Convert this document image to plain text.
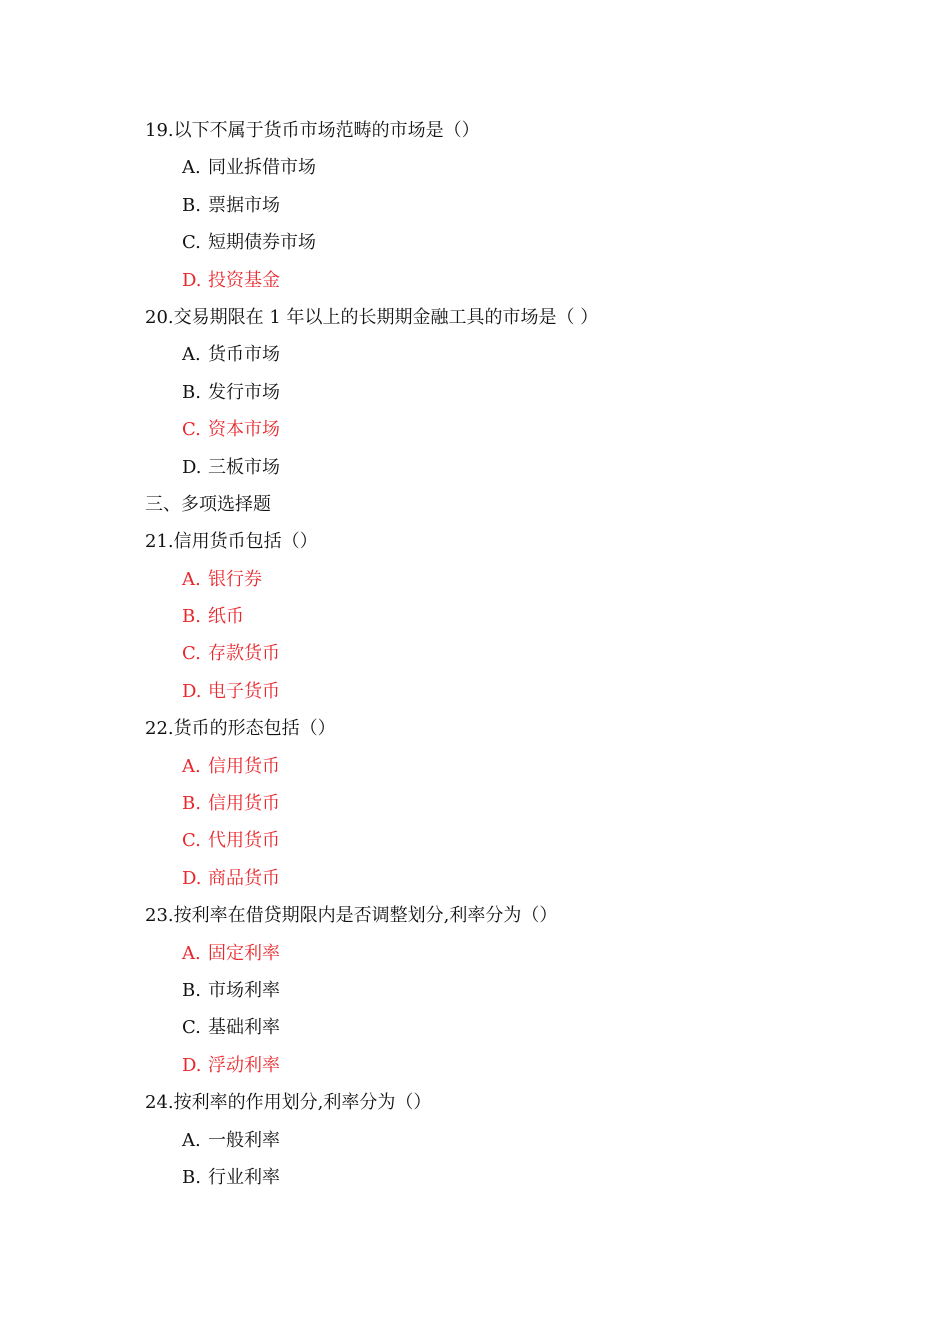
19.以下不属于货币市场范畴的市场是（）
A. 同业拆借市场
B. 票据市场
C. 短期债券市场
D. 投资基金
20.交易期限在 1 年以上的长期期金融工具的市场是（ ）
A. 货币市场
B. 发行市场
C. 资本市场
D. 三板市场
三、多项选择题
21.信用货币包括（）
A. 银行券
B. 纸币
C. 存款货币
D. 电子货币
22.货币的形态包括（）
A. 信用货币
B. 信用货币
C. 代用货币
D. 商品货币
23.按利率在借贷期限内是否调整划分,利率分为（）
A. 固定利率
B. 市场利率
C. 基础利率
D. 浮动利率
24.按利率的作用划分,利率分为（）
A. 一般利率
B. 行业利率
